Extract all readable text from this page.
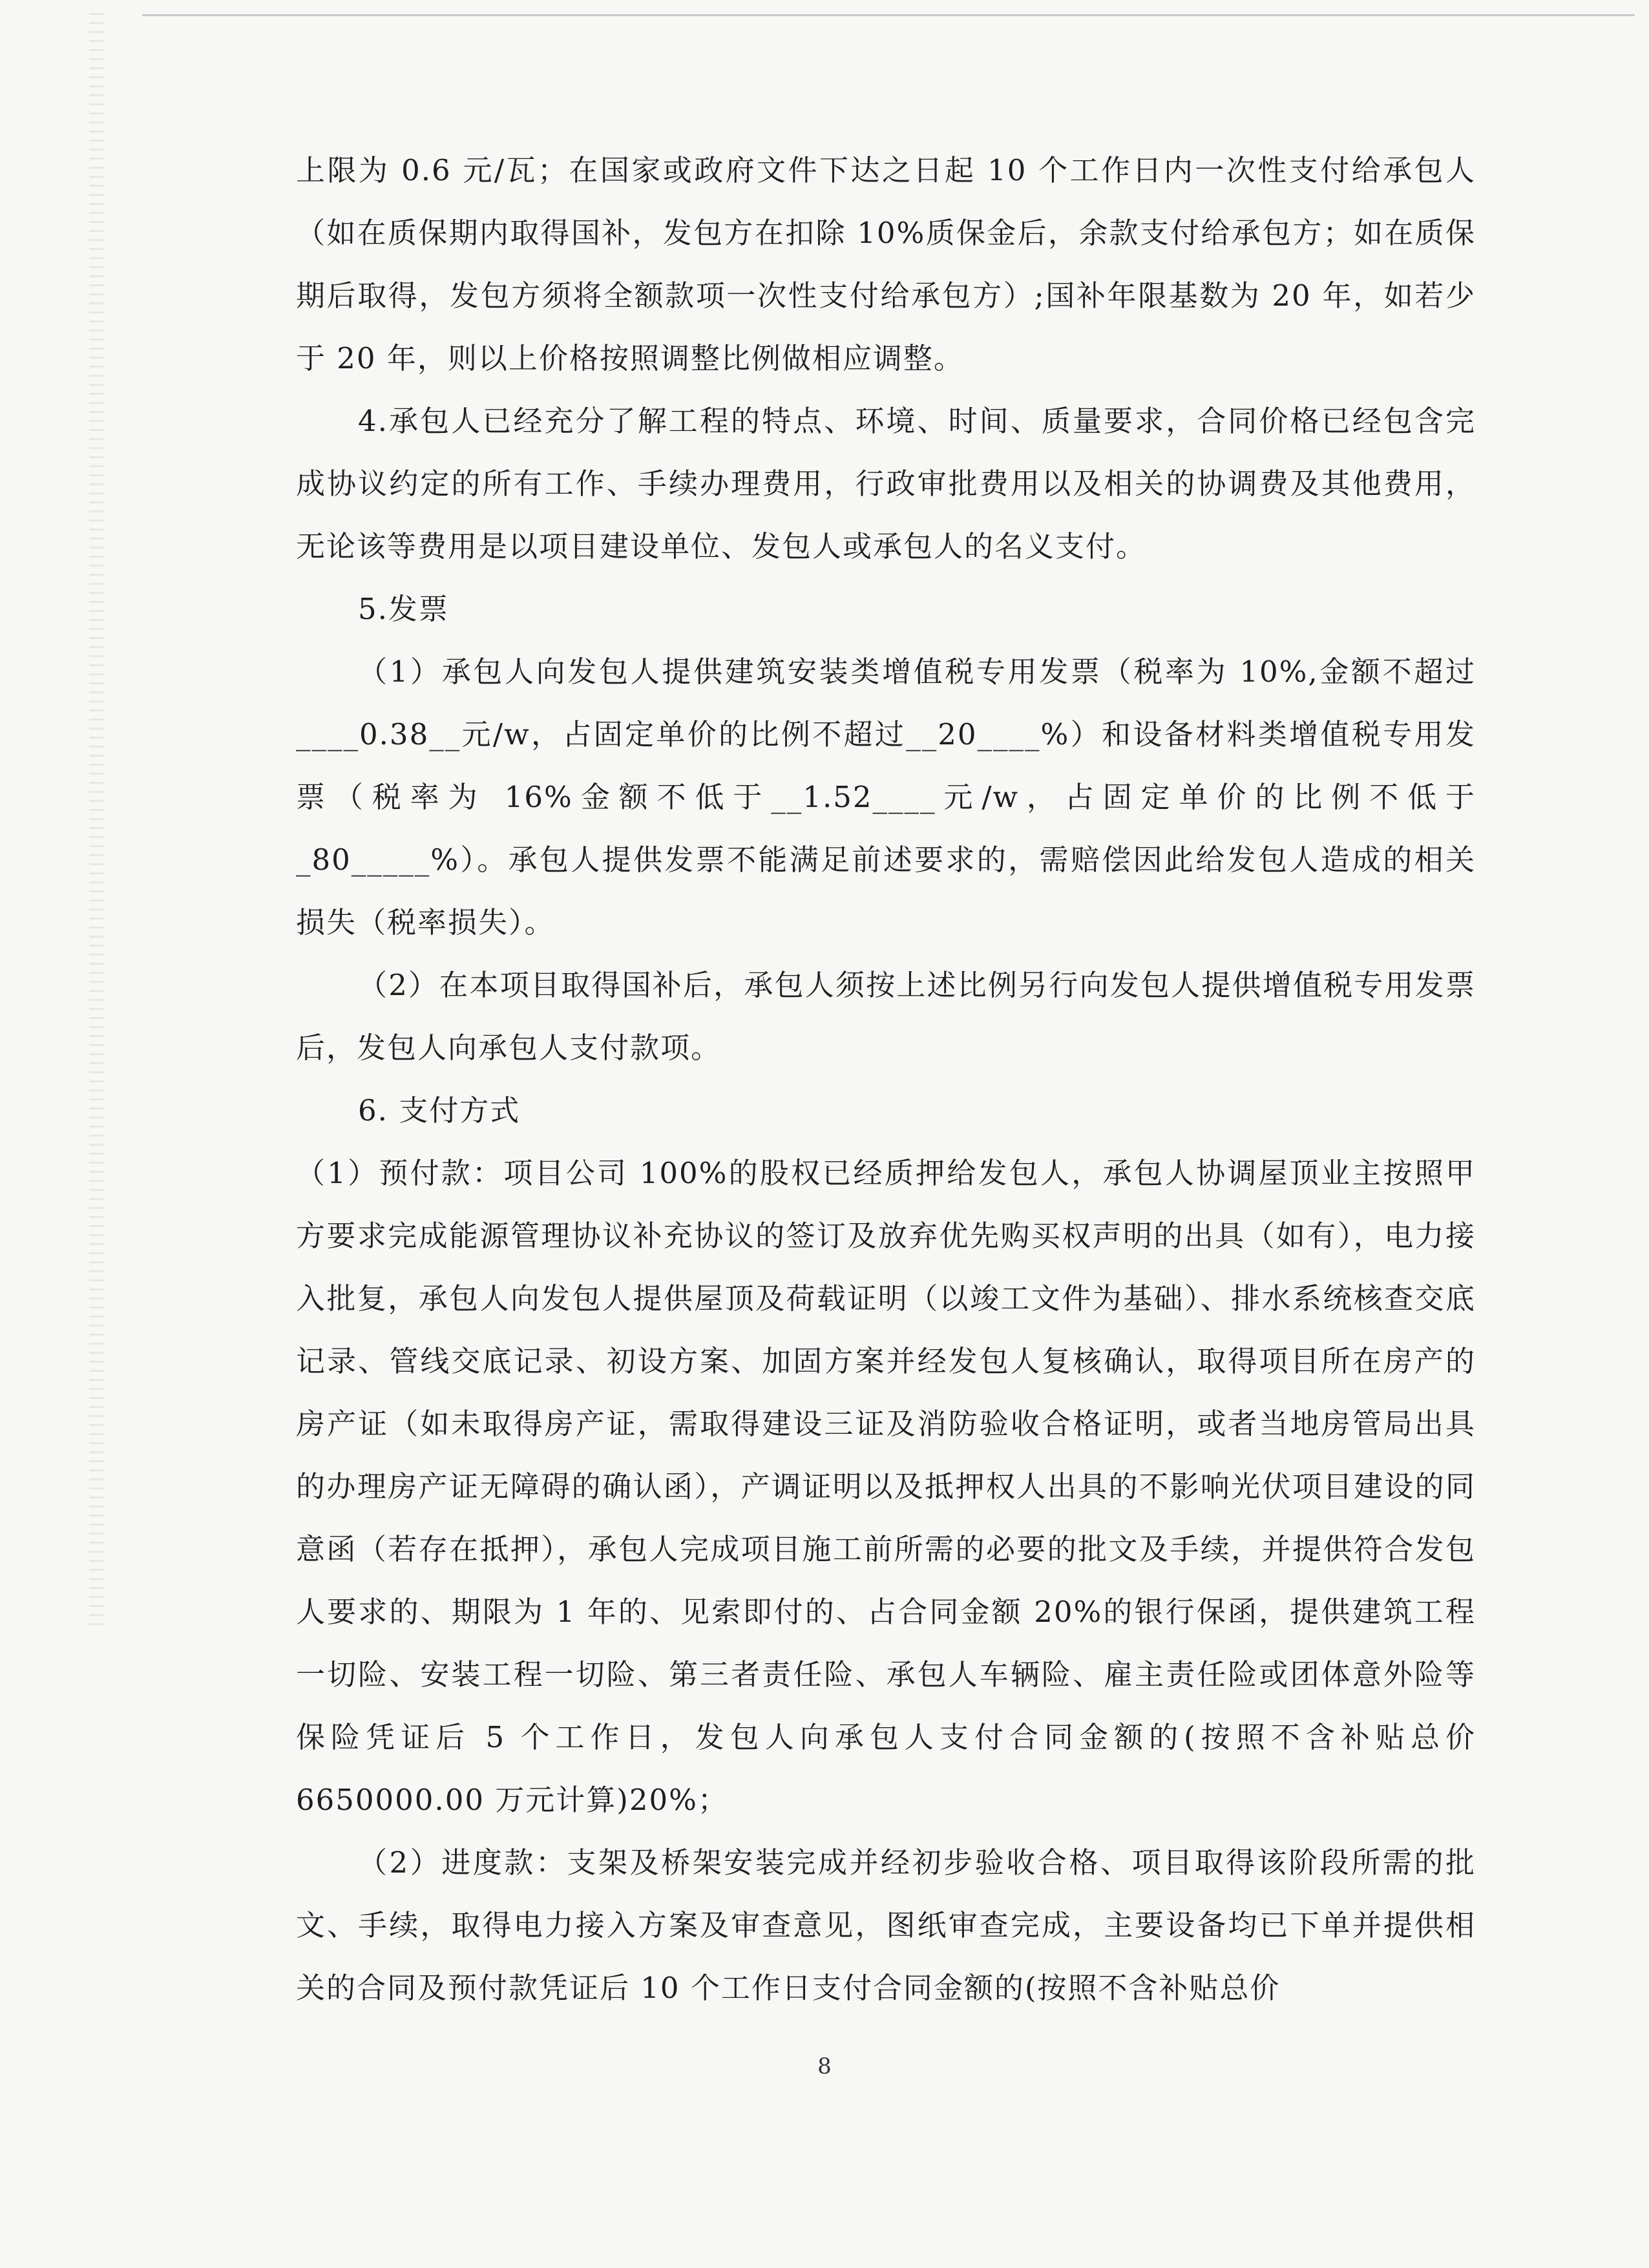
上限为 0.6 元/瓦；在国家或政府文件下达之日起 10 个工作日内一次性支付给承包人（如在质保期内取得国补，发包方在扣除 10%质保金后，余款支付给承包方；如在质保期后取得，发包方须将全额款项一次性支付给承包方）;国补年限基数为 20 年，如若少于 20 年，则以上价格按照调整比例做相应调整。

4.承包人已经充分了解工程的特点、环境、时间、质量要求，合同价格已经包含完成协议约定的所有工作、手续办理费用，行政审批费用以及相关的协调费及其他费用，无论该等费用是以项目建设单位、发包人或承包人的名义支付。

5.发票

（1）承包人向发包人提供建筑安装类增值税专用发票（税率为 10%,金额不超过____0.38__元/w，占固定单价的比例不超过__20____%）和设备材料类增值税专用发票（税率为 16%金额不低于__1.52____元/w，占固定单价的比例不低于_80_____%）。承包人提供发票不能满足前述要求的，需赔偿因此给发包人造成的相关损失（税率损失）。

（2）在本项目取得国补后，承包人须按上述比例另行向发包人提供增值税专用发票后，发包人向承包人支付款项。

6. 支付方式

（1）预付款：项目公司 100%的股权已经质押给发包人，承包人协调屋顶业主按照甲方要求完成能源管理协议补充协议的签订及放弃优先购买权声明的出具（如有），电力接入批复，承包人向发包人提供屋顶及荷载证明（以竣工文件为基础）、排水系统核查交底记录、管线交底记录、初设方案、加固方案并经发包人复核确认，取得项目所在房产的房产证（如未取得房产证，需取得建设三证及消防验收合格证明，或者当地房管局出具的办理房产证无障碍的确认函），产调证明以及抵押权人出具的不影响光伏项目建设的同意函（若存在抵押），承包人完成项目施工前所需的必要的批文及手续，并提供符合发包人要求的、期限为 1 年的、见索即付的、占合同金额 20%的银行保函，提供建筑工程一切险、安装工程一切险、第三者责任险、承包人车辆险、雇主责任险或团体意外险等保险凭证后 5 个工作日，发包人向承包人支付合同金额的(按照不含补贴总价 6650000.00 万元计算)20%；

（2）进度款：支架及桥架安装完成并经初步验收合格、项目取得该阶段所需的批文、手续，取得电力接入方案及审查意见，图纸审查完成，主要设备均已下单并提供相关的合同及预付款凭证后 10 个工作日支付合同金额的(按照不含补贴总价

8
